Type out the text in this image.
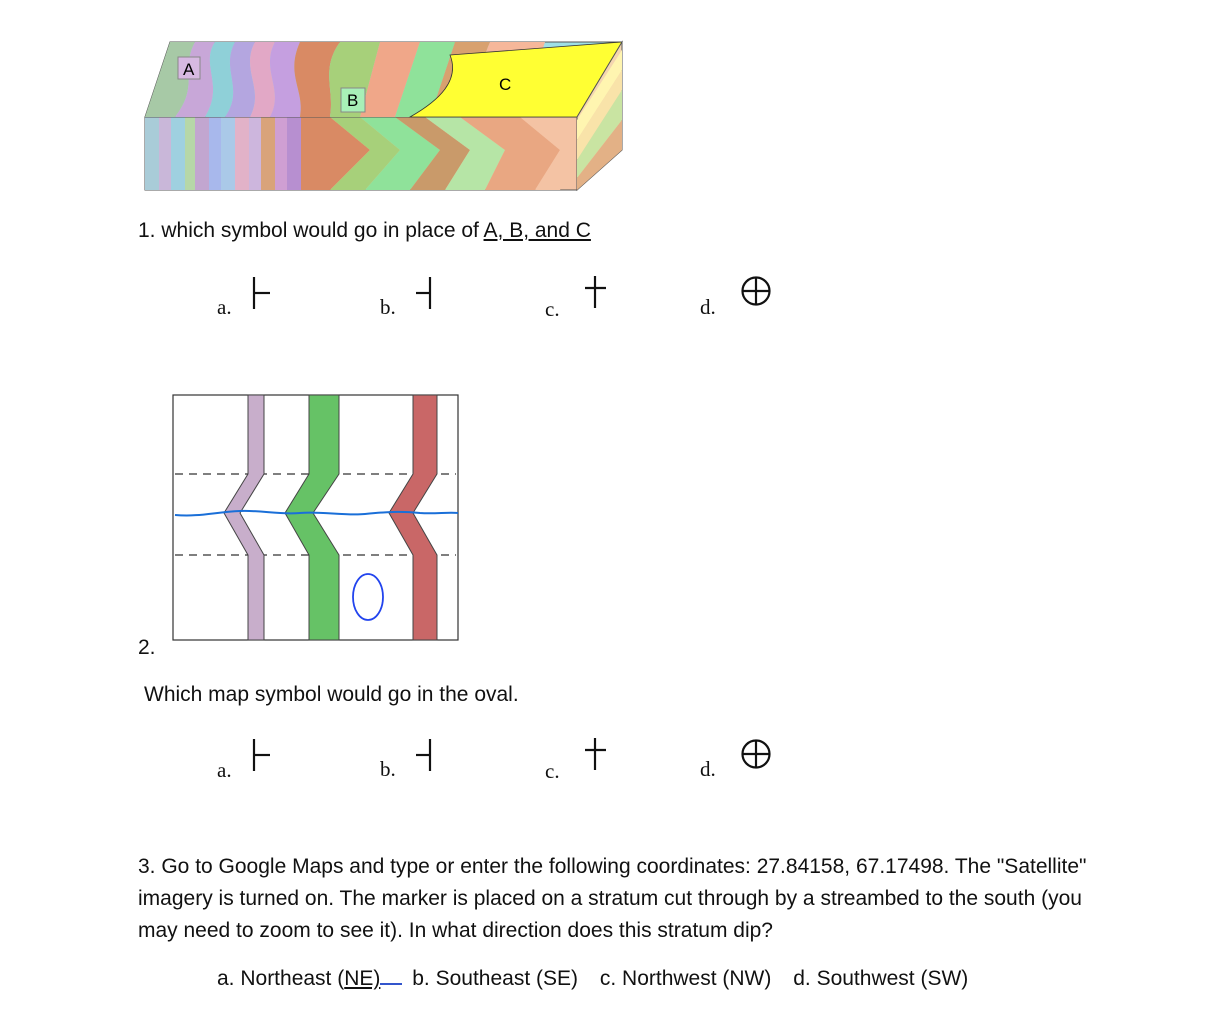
A
B
C
1. which symbol would go in place of A, B, and C
a.	b.	c.	d.
2.
Which map symbol would go in the oval.
a.	b.	c.	d.
3. Go to Google Maps and type or enter the following coordinates: 27.84158, 67.17498. The "Satellite"
imagery is turned on. The marker is placed on a stratum cut through by a streambed to the south (you
may need to zoom to see it). In what direction does this stratum dip?
a. Northeast (NE) b. Southeast (SE) c. Northwest (NW) d. Southwest (SW)
